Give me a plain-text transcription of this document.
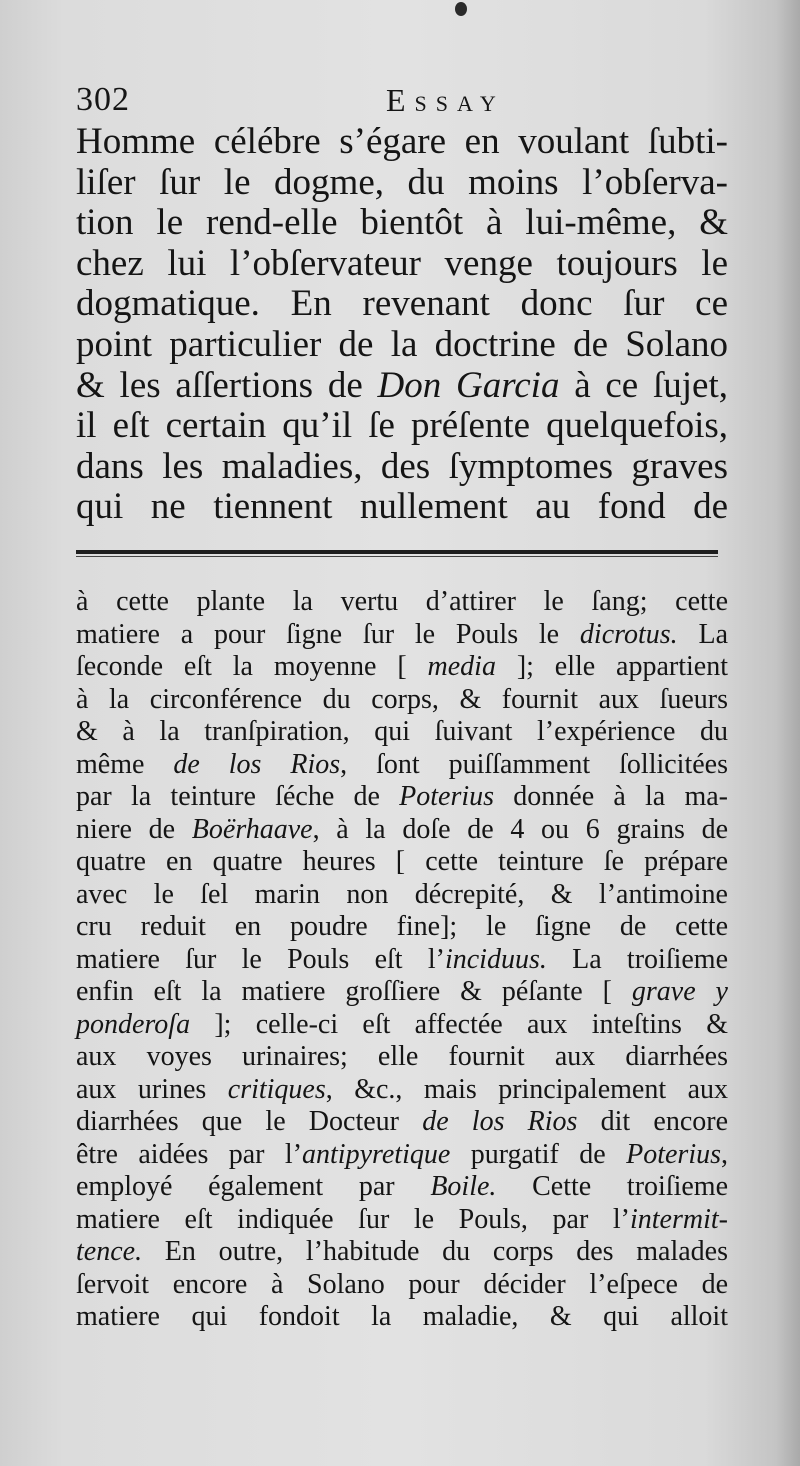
302	Essay
Homme célébre s’égare en voulant ſubti-
liſer ſur le dogme, du moins l’obſerva-
tion le rend-elle bientôt à lui-même, &
chez lui l’obſervateur venge toujours le
dogmatique. En revenant donc ſur ce
point particulier de la doctrine de Solano
& les aſſertions de Don Garcia à ce ſujet,
il eſt certain qu’il ſe préſente quelquefois,
dans les maladies, des ſymptomes graves
qui ne tiennent nullement au fond de
à cette plante la vertu d’attirer le ſang; cette
matiere a pour ſigne ſur le Pouls le dicrotus. La
ſeconde eſt la moyenne [ media ]; elle appartient
à la circonférence du corps, & fournit aux ſueurs
& à la tranſpiration, qui ſuivant l’expérience du
même de los Rios, ſont puiſſamment ſollicitées
par la teinture ſéche de Poterius donnée à la ma-
niere de Boërhaave, à la doſe de 4 ou 6 grains de
quatre en quatre heures [ cette teinture ſe prépare
avec le ſel marin non décrepité, & l’antimoine
cru reduit en poudre fine]; le ſigne de cette
matiere ſur le Pouls eſt l’inciduus. La troiſieme
enfin eſt la matiere groſſiere & péſante [ grave y
ponderoſa ]; celle-ci eſt affectée aux inteſtins &
aux voyes urinaires; elle fournit aux diarrhées
aux urines critiques, &c., mais principalement aux
diarrhées que le Docteur de los Rios dit encore
être aidées par l’antipyretique purgatif de Poterius,
employé également par Boile. Cette troiſieme
matiere eſt indiquée ſur le Pouls, par l’intermit-
tence. En outre, l’habitude du corps des malades
ſervoit encore à Solano pour décider l’eſpece de
matiere qui fondoit la maladie, & qui alloit
